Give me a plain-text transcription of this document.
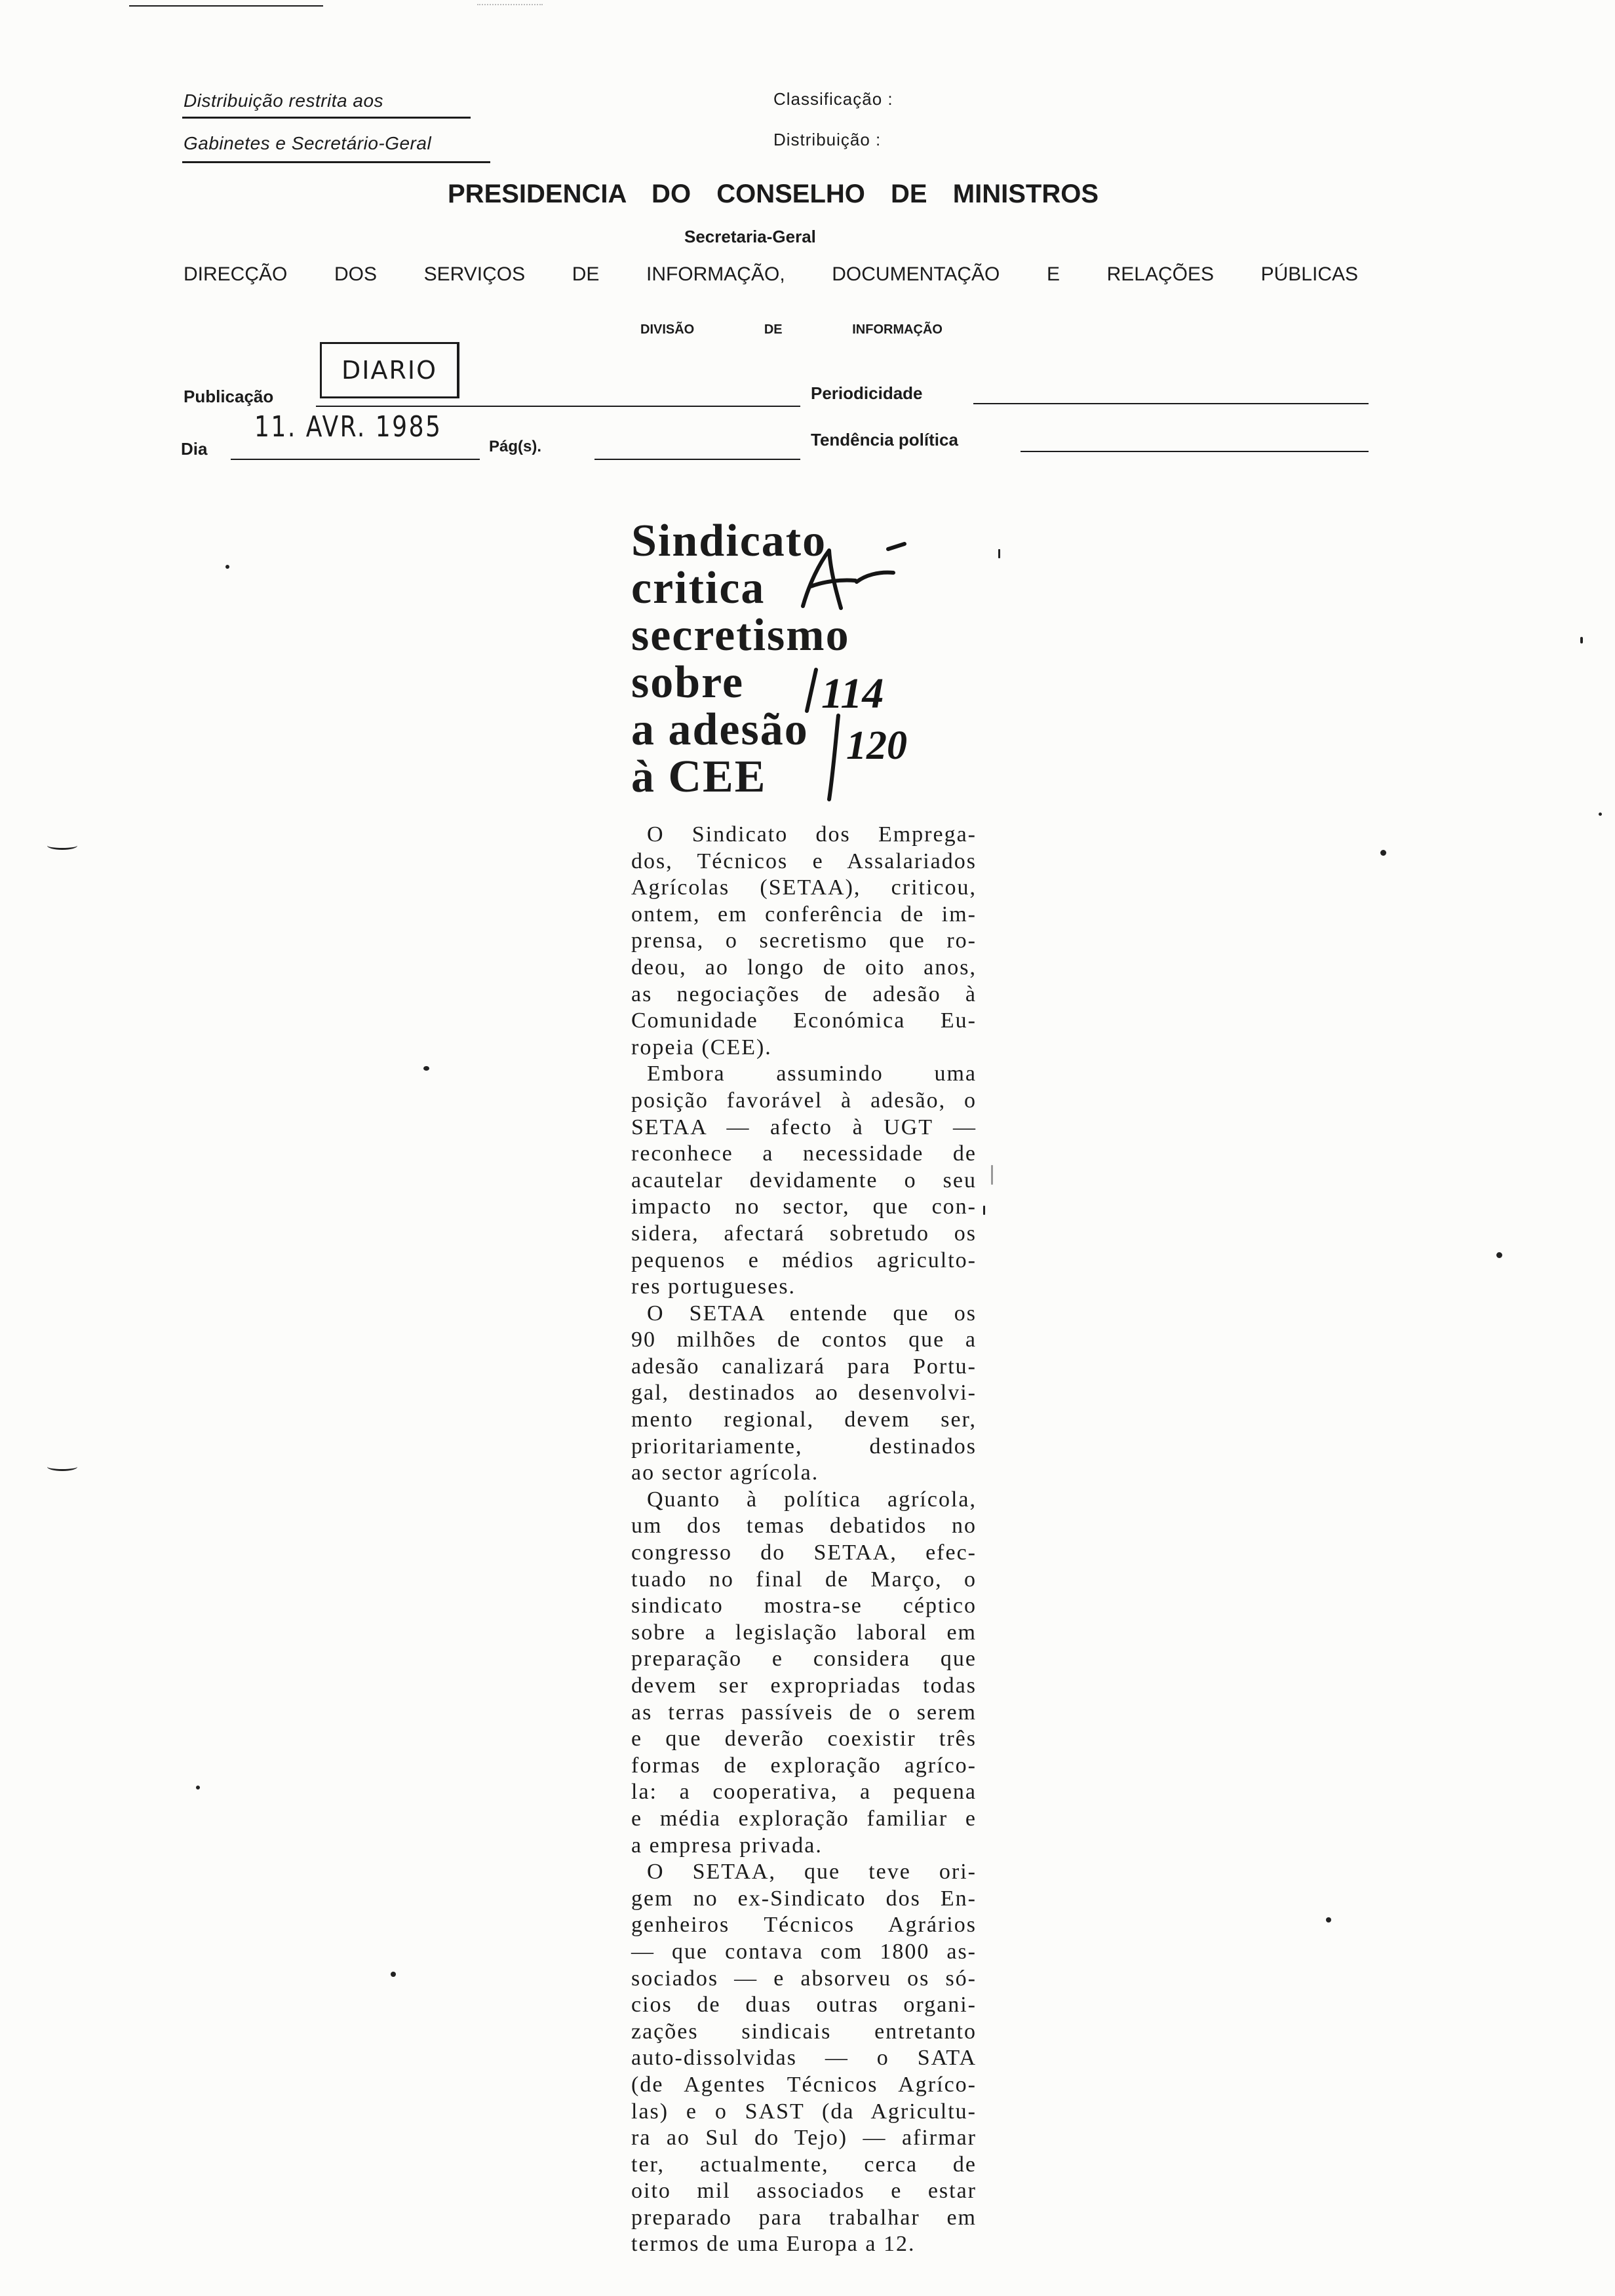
Distribuição restrita aos
Gabinetes e Secretário-Geral
Classificação :
Distribuição :
PRESIDENCIA DO CONSELHO DE MINISTROS
Secretaria-Geral
DIRECÇÃO DOS SERVIÇOS DE INFORMAÇÃO, DOCUMENTAÇÃO E RELAÇÕES PÚBLICAS
DIVISÃO DE INFORMAÇÃO
Publicação
DIARIO
Periodicidade
11. AVR. 1985
Dia	Pág(s).	Tendência política
Sindicato
critica
secretismo
sobre
a adesão
à CEE
O Sindicato dos Emprega-
dos, Técnicos e Assalariados
Agrícolas (SETAA), criticou,
ontem, em conferência de im-
prensa, o secretismo que ro-
deou, ao longo de oito anos,
as negociações de adesão à
Comunidade Económica Eu-
ropeia (CEE).
Embora assumindo uma
posição favorável à adesão, o
SETAA — afecto à UGT —
reconhece a necessidade de
acautelar devidamente o seu
impacto no sector, que con-
sidera, afectará sobretudo os
pequenos e médios agriculto-
res portugueses.
O SETAA entende que os
90 milhões de contos que a
adesão canalizará para Portu-
gal, destinados ao desenvolvi-
mento regional, devem ser,
prioritariamente, destinados
ao sector agrícola.
Quanto à política agrícola,
um dos temas debatidos no
congresso do SETAA, efec-
tuado no final de Março, o
sindicato mostra-se céptico
sobre a legislação laboral em
preparação e considera que
devem ser expropriadas todas
as terras passíveis de o serem
e que deverão coexistir três
formas de exploração agríco-
la: a cooperativa, a pequena
e média exploração familiar e
a empresa privada.
O SETAA, que teve ori-
gem no ex-Sindicato dos En-
genheiros Técnicos Agrários
— que contava com 1800 as-
sociados — e absorveu os só-
cios de duas outras organi-
zações sindicais entretanto
auto-dissolvidas — o SATA
(de Agentes Técnicos Agríco-
las) e o SAST (da Agricultu-
ra ao Sul do Tejo) — afirmar
ter, actualmente, cerca de
oito mil associados e estar
preparado para trabalhar em
termos de uma Europa a 12.
114
120
